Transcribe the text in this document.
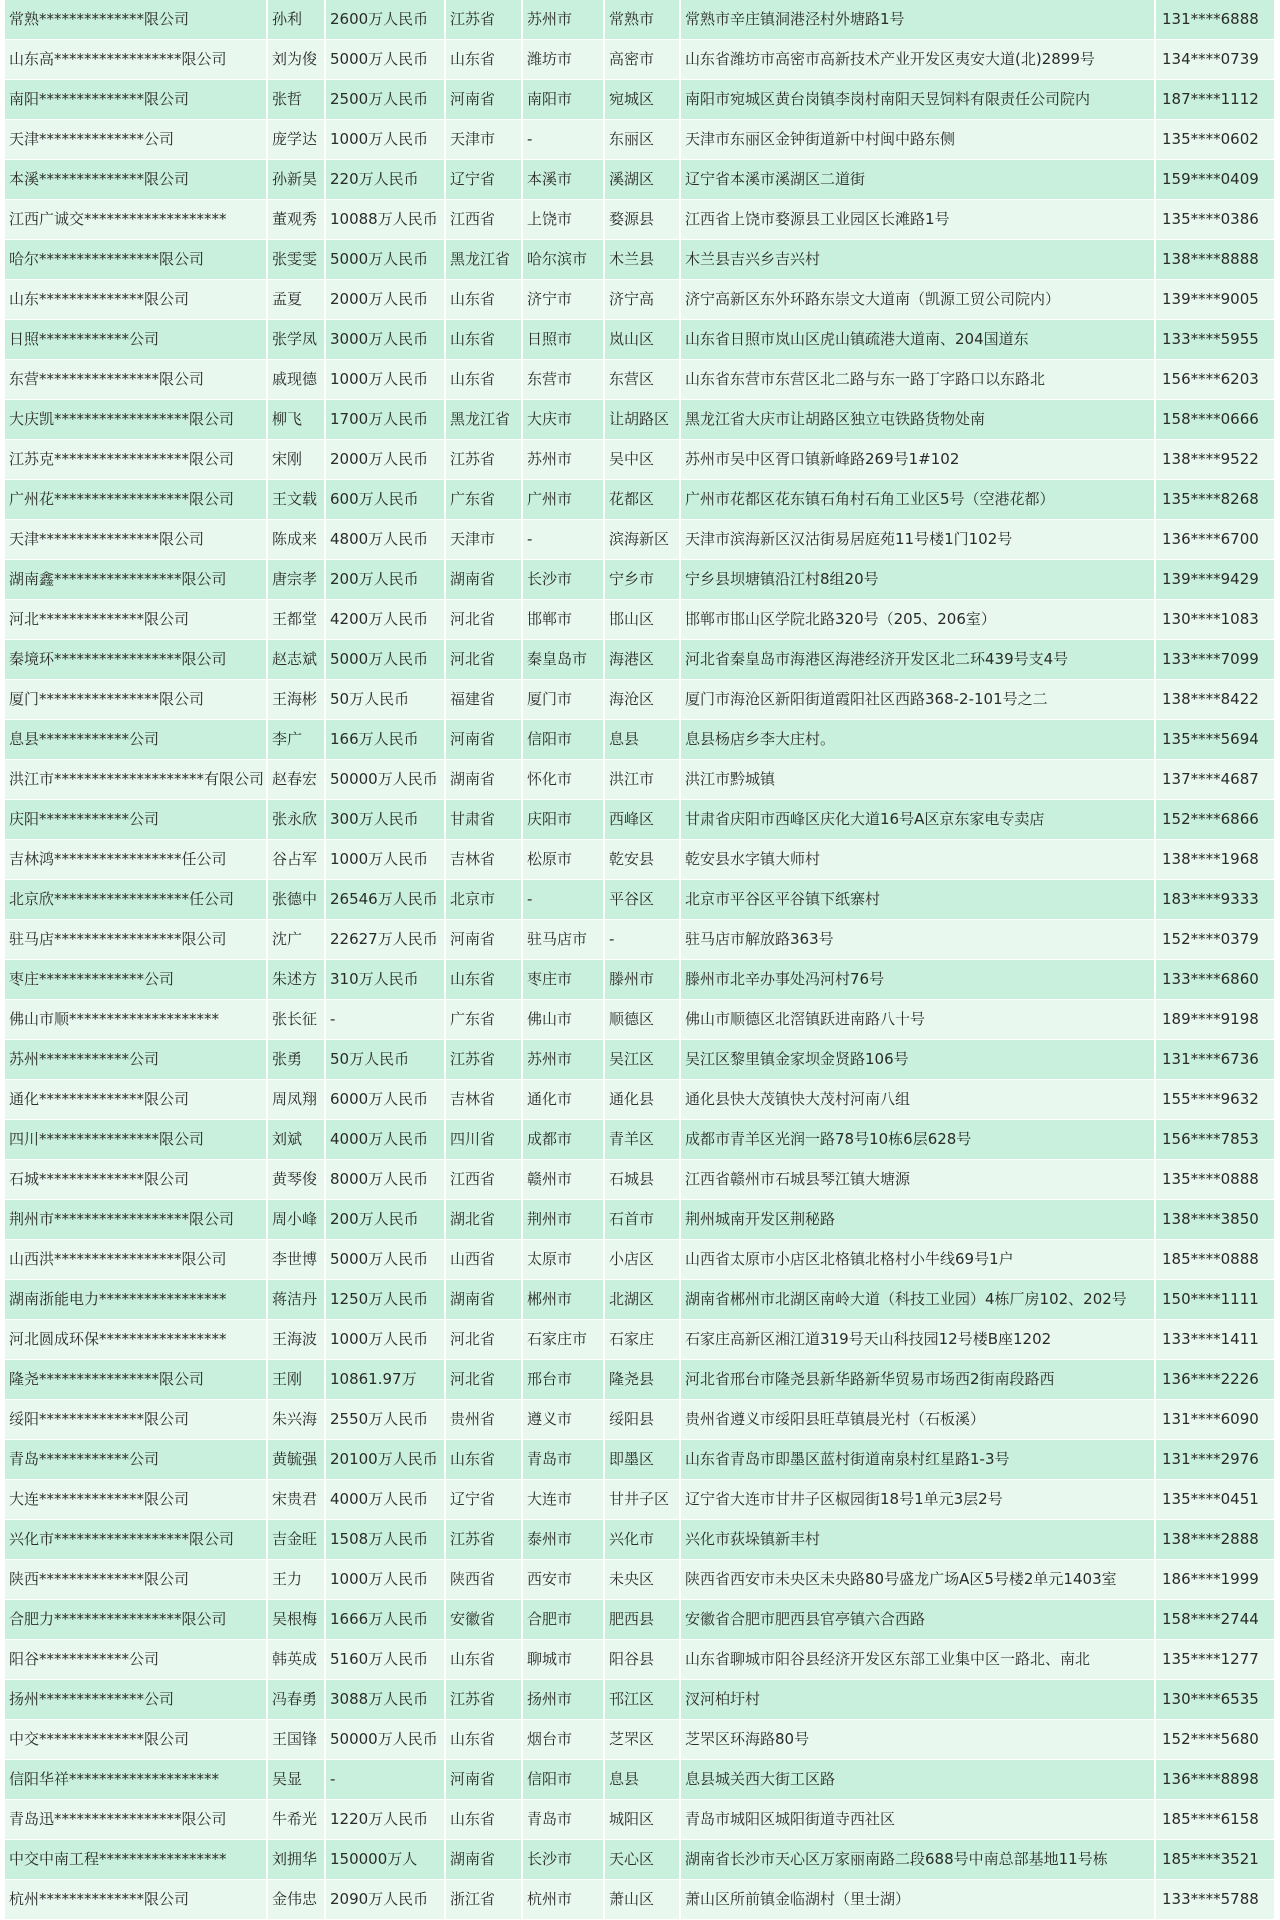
常熟**************限公司	孙利	2600万人民币	江苏省	苏州市	常熟市	常熟市辛庄镇洞港泾村外塘路1号	131****6888
山东高*****************限公司	刘为俊	5000万人民币	山东省	潍坊市	高密市	山东省潍坊市高密市高新技术产业开发区夷安大道(北)2899号	134****0739
南阳**************限公司	张哲	2500万人民币	河南省	南阳市	宛城区	南阳市宛城区黄台岗镇李岗村南阳天昱饲料有限责任公司院内	187****1112
天津**************公司	庞学达	1000万人民币	天津市	-	东丽区	天津市东丽区金钟街道新中村闽中路东侧	135****0602
本溪**************限公司	孙新昊	220万人民币	辽宁省	本溪市	溪湖区	辽宁省本溪市溪湖区二道街	159****0409
江西广诚交*******************	董观秀	10088万人民币	江西省	上饶市	婺源县	江西省上饶市婺源县工业园区长滩路1号	135****0386
哈尔****************限公司	张雯雯	5000万人民币	黑龙江省	哈尔滨市	木兰县	木兰县吉兴乡吉兴村	138****8888
山东**************限公司	孟夏	2000万人民币	山东省	济宁市	济宁高	济宁高新区东外环路东崇文大道南（凯源工贸公司院内）	139****9005
日照************公司	张学凤	3000万人民币	山东省	日照市	岚山区	山东省日照市岚山区虎山镇疏港大道南、204国道东	133****5955
东营****************限公司	戚现德	1000万人民币	山东省	东营市	东营区	山东省东营市东营区北二路与东一路丁字路口以东路北	156****6203
大庆凯******************限公司	柳飞	1700万人民币	黑龙江省	大庆市	让胡路区	黑龙江省大庆市让胡路区独立屯铁路货物处南	158****0666
江苏克******************限公司	宋刚	2000万人民币	江苏省	苏州市	吴中区	苏州市吴中区胥口镇新峰路269号1#102	138****9522
广州花******************限公司	王文载	600万人民币	广东省	广州市	花都区	广州市花都区花东镇石角村石角工业区5号（空港花都）	135****8268
天津****************限公司	陈成来	4800万人民币	天津市	-	滨海新区	天津市滨海新区汉沽街易居庭苑11号楼1门102号	136****6700
湖南鑫*****************限公司	唐宗孝	200万人民币	湖南省	长沙市	宁乡市	宁乡县坝塘镇沿江村8组20号	139****9429
河北**************限公司	王都堂	4200万人民币	河北省	邯郸市	邯山区	邯郸市邯山区学院北路320号（205、206室）	130****1083
秦境环*****************限公司	赵志斌	5000万人民币	河北省	秦皇岛市	海港区	河北省秦皇岛市海港区海港经济开发区北二环439号支4号	133****7099
厦门****************限公司	王海彬	50万人民币	福建省	厦门市	海沧区	厦门市海沧区新阳街道霞阳社区西路368-2-101号之二	138****8422
息县************公司	李广	166万人民币	河南省	信阳市	息县	息县杨店乡李大庄村。	135****5694
洪江市********************有限公司	赵春宏	50000万人民币	湖南省	怀化市	洪江市	洪江市黔城镇	137****4687
庆阳************公司	张永欣	300万人民币	甘肃省	庆阳市	西峰区	甘肃省庆阳市西峰区庆化大道16号A区京东家电专卖店	152****6866
吉林鸿*****************任公司	谷占军	1000万人民币	吉林省	松原市	乾安县	乾安县水字镇大师村	138****1968
北京欣******************任公司	张德中	26546万人民币	北京市	-	平谷区	北京市平谷区平谷镇下纸寨村	183****9333
驻马店*****************限公司	沈广	22627万人民币	河南省	驻马店市	-	驻马店市解放路363号	152****0379
枣庄**************公司	朱述方	310万人民币	山东省	枣庄市	滕州市	滕州市北辛办事处冯河村76号	133****6860
佛山市顺********************	张长征	-	广东省	佛山市	顺德区	佛山市顺德区北滘镇跃进南路八十号	189****9198
苏州************公司	张勇	50万人民币	江苏省	苏州市	吴江区	吴江区黎里镇金家坝金贤路106号	131****6736
通化**************限公司	周凤翔	6000万人民币	吉林省	通化市	通化县	通化县快大茂镇快大茂村河南八组	155****9632
四川****************限公司	刘斌	4000万人民币	四川省	成都市	青羊区	成都市青羊区光润一路78号10栋6层628号	156****7853
石城**************限公司	黄琴俊	8000万人民币	江西省	赣州市	石城县	江西省赣州市石城县琴江镇大塘源	135****0888
荆州市******************限公司	周小峰	200万人民币	湖北省	荆州市	石首市	荆州城南开发区荆秘路	138****3850
山西洪*****************限公司	李世博	5000万人民币	山西省	太原市	小店区	山西省太原市小店区北格镇北格村小牛线69号1户	185****0888
湖南浙能电力*****************	蒋洁丹	1250万人民币	湖南省	郴州市	北湖区	湖南省郴州市北湖区南岭大道（科技工业园）4栋厂房102、202号	150****1111
河北圆成环保*****************	王海波	1000万人民币	河北省	石家庄市	石家庄	石家庄高新区湘江道319号天山科技园12号楼B座1202	133****1411
隆尧****************限公司	王刚	10861.97万	河北省	邢台市	隆尧县	河北省邢台市隆尧县新华路新华贸易市场西2街南段路西	136****2226
绥阳**************限公司	朱兴海	2550万人民币	贵州省	遵义市	绥阳县	贵州省遵义市绥阳县旺草镇晨光村（石板溪）	131****6090
青岛************公司	黄毓强	20100万人民币	山东省	青岛市	即墨区	山东省青岛市即墨区蓝村街道南泉村红星路1-3号	131****2976
大连**************限公司	宋贵君	4000万人民币	辽宁省	大连市	甘井子区	辽宁省大连市甘井子区椒园街18号1单元3层2号	135****0451
兴化市******************限公司	吉金旺	1508万人民币	江苏省	泰州市	兴化市	兴化市荻垛镇新丰村	138****2888
陕西**************限公司	王力	1000万人民币	陕西省	西安市	未央区	陕西省西安市未央区未央路80号盛龙广场A区5号楼2单元1403室	186****1999
合肥力*****************限公司	吴根梅	1666万人民币	安徽省	合肥市	肥西县	安徽省合肥市肥西县官亭镇六合西路	158****2744
阳谷************公司	韩英成	5160万人民币	山东省	聊城市	阳谷县	山东省聊城市阳谷县经济开发区东部工业集中区一路北、南北	135****1277
扬州**************公司	冯春勇	3088万人民币	江苏省	扬州市	邗江区	汊河柏圩村	130****6535
中交**************限公司	王国锋	50000万人民币	山东省	烟台市	芝罘区	芝罘区环海路80号	152****5680
信阳华祥********************	吴显	-	河南省	信阳市	息县	息县城关西大街工区路	136****8898
青岛迅*****************限公司	牛希光	1220万人民币	山东省	青岛市	城阳区	青岛市城阳区城阳街道寺西社区	185****6158
中交中南工程*****************	刘拥华	150000万人	湖南省	长沙市	天心区	湖南省长沙市天心区万家丽南路二段688号中南总部基地11号栋	185****3521
杭州**************限公司	金伟忠	2090万人民币	浙江省	杭州市	萧山区	萧山区所前镇金临湖村（里士湖）	133****5788
